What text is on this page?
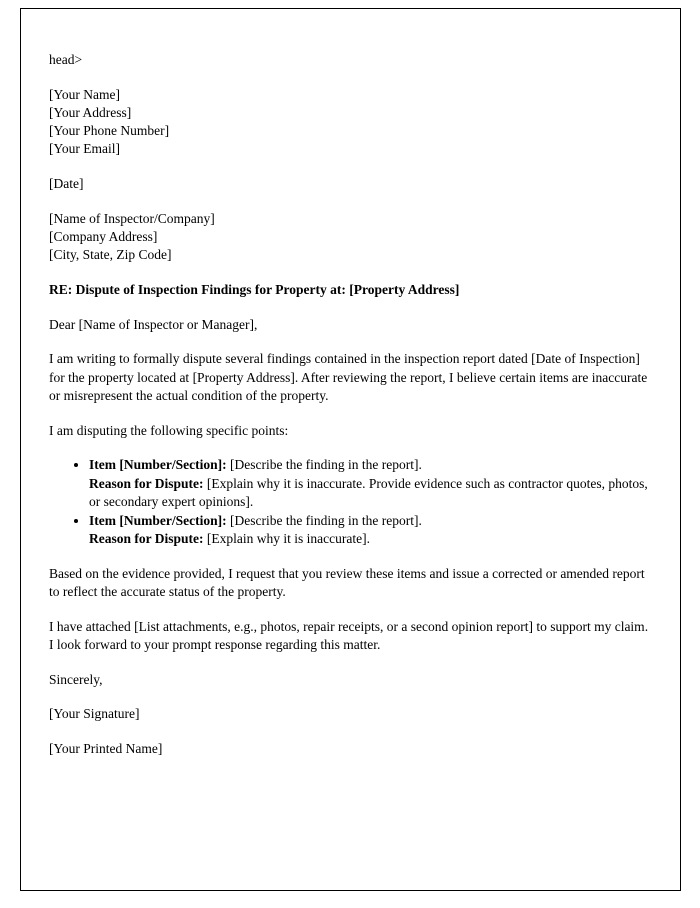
head>
[Your Name]
[Your Address]
[Your Phone Number]
[Your Email]
[Date]
[Name of Inspector/Company]
[Company Address]
[City, State, Zip Code]
RE: Dispute of Inspection Findings for Property at: [Property Address]
Dear [Name of Inspector or Manager],
I am writing to formally dispute several findings contained in the inspection report dated [Date of Inspection] for the property located at [Property Address]. After reviewing the report, I believe certain items are inaccurate or misrepresent the actual condition of the property.
I am disputing the following specific points:
• Item [Number/Section]: [Describe the finding in the report].
Reason for Dispute: [Explain why it is inaccurate. Provide evidence such as contractor quotes, photos, or secondary expert opinions].
• Item [Number/Section]: [Describe the finding in the report].
Reason for Dispute: [Explain why it is inaccurate].
Based on the evidence provided, I request that you review these items and issue a corrected or amended report to reflect the accurate status of the property.
I have attached [List attachments, e.g., photos, repair receipts, or a second opinion report] to support my claim. I look forward to your prompt response regarding this matter.
Sincerely,
[Your Signature]
[Your Printed Name]
